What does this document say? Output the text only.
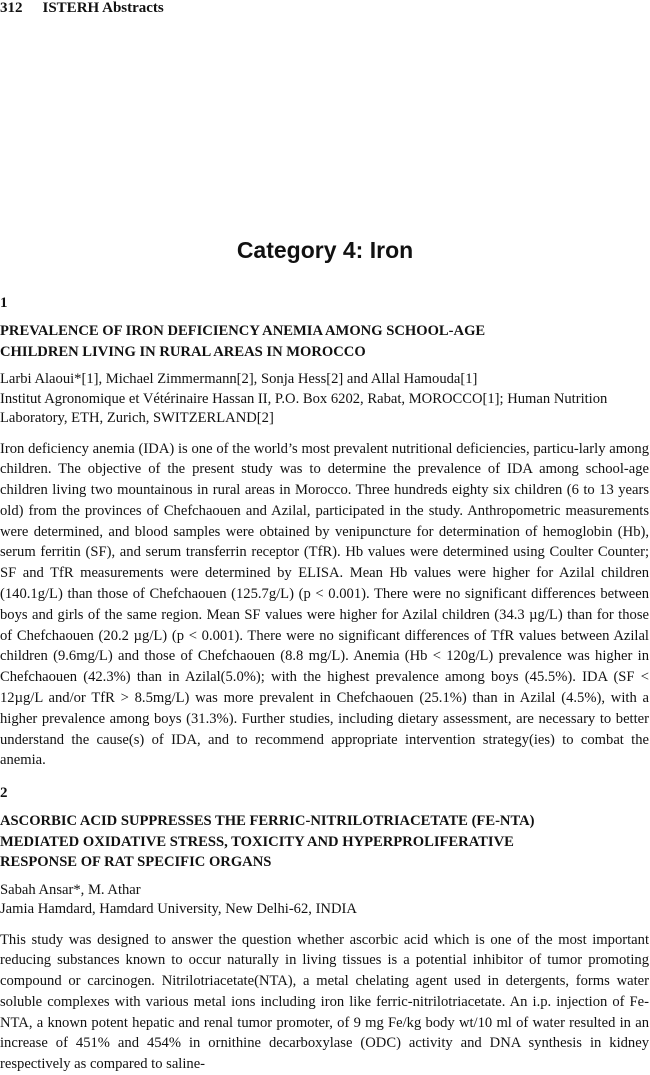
312 ISTERH Abstracts
Category 4: Iron
1
PREVALENCE OF IRON DEFICIENCY ANEMIA AMONG SCHOOL-AGE
CHILDREN LIVING IN RURAL AREAS IN MOROCCO
Larbi Alaoui*[1], Michael Zimmermann[2], Sonja Hess[2] and Allal Hamouda[1]
Institut Agronomique et Vétérinaire Hassan II, P.O. Box 6202, Rabat, MOROCCO[1]; Human Nutrition Laboratory, ETH, Zurich, SWITZERLAND[2]
Iron deficiency anemia (IDA) is one of the world’s most prevalent nutritional deficiencies, particu-larly among children. The objective of the present study was to determine the prevalence of IDA among school-age children living two mountainous in rural areas in Morocco. Three hundreds eighty six children (6 to 13 years old) from the provinces of Chefchaouen and Azilal, participated in the study. Anthropometric measurements were determined, and blood samples were obtained by venipuncture for determination of hemoglobin (Hb), serum ferritin (SF), and serum transferrin receptor (TfR). Hb values were determined using Coulter Counter; SF and TfR measurements were determined by ELISA. Mean Hb values were higher for Azilal children (140.1g/L) than those of Chefchaouen (125.7g/L) (p < 0.001). There were no significant differences between boys and girls of the same region. Mean SF values were higher for Azilal children (34.3 µg/L) than for those of Chefchaouen (20.2 µg/L) (p < 0.001). There were no significant differences of TfR values between Azilal children (9.6mg/L) and those of Chefchaouen (8.8 mg/L). Anemia (Hb < 120g/L) prevalence was higher in Chefchaouen (42.3%) than in Azilal(5.0%); with the highest prevalence among boys (45.5%). IDA (SF < 12µg/L and/or TfR > 8.5mg/L) was more prevalent in Chefchaouen (25.1%) than in Azilal (4.5%), with a higher prevalence among boys (31.3%). Further studies, including dietary assessment, are necessary to better understand the cause(s) of IDA, and to recommend appropriate intervention strategy(ies) to combat the anemia.
2
ASCORBIC ACID SUPPRESSES THE FERRIC-NITRILOTRIACETATE (FE-NTA)
MEDIATED OXIDATIVE STRESS, TOXICITY AND HYPERPROLIFERATIVE
RESPONSE OF RAT SPECIFIC ORGANS
Sabah Ansar*, M. Athar
Jamia Hamdard, Hamdard University, New Delhi-62, INDIA
This study was designed to answer the question whether ascorbic acid which is one of the most important reducing substances known to occur naturally in living tissues is a potential inhibitor of tumor promoting compound or carcinogen. Nitrilotriacetate(NTA), a metal chelating agent used in detergents, forms water soluble complexes with various metal ions including iron like ferric-nitrilotriacetate. An i.p. injection of Fe-NTA, a known potent hepatic and renal tumor promoter, of 9 mg Fe/kg body wt/10 ml of water resulted in an increase of 451% and 454% in ornithine decarboxylase (ODC) activity and DNA synthesis in kidney respectively as compared to saline-
